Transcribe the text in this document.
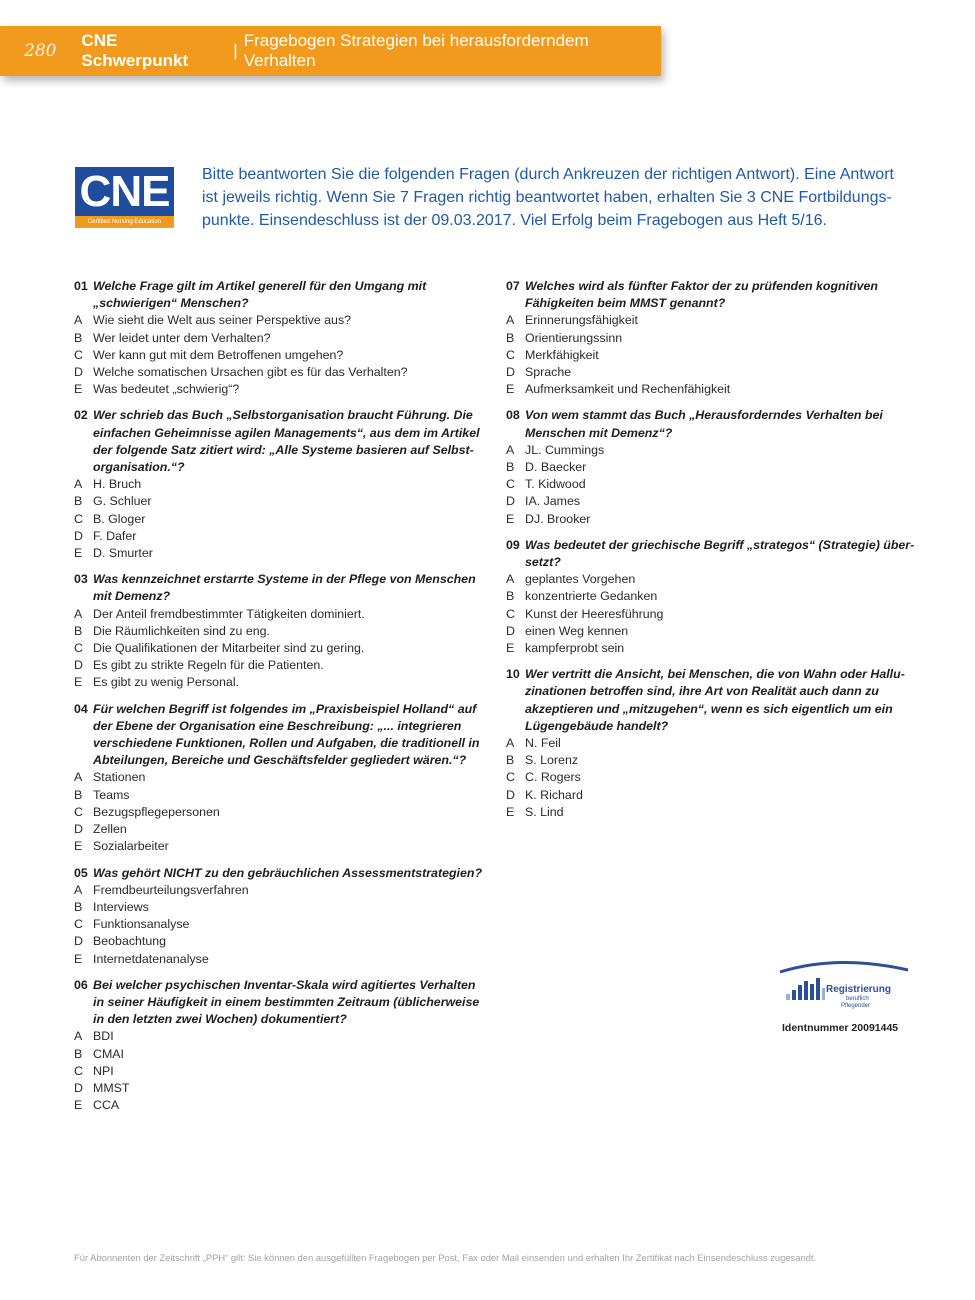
280
CNE Schwerpunkt
|
Fragebogen Strategien bei herausforderndem Verhalten
CNE
Certified Nursing Education
Bitte beantworten Sie die folgenden Fragen (durch Ankreuzen der richtigen Antwort). Eine Antwort ist jeweils richtig. Wenn Sie 7 Fragen richtig beantwortet haben, erhalten Sie 3 CNE Fortbildungspunkte. Einsendeschluss ist der 09.03.2017. Viel Erfolg beim Fragebogen aus Heft 5/16.
01 Welche Frage gilt im Artikel generell für den Umgang mit „schwierigen“ Menschen?
A Wie sieht die Welt aus seiner Perspektive aus?
B Wer leidet unter dem Verhalten?
C Wer kann gut mit dem Betroffenen umgehen?
D Welche somatischen Ursachen gibt es für das Verhalten?
E Was bedeutet „schwierig“?
02 Wer schrieb das Buch „Selbstorganisation braucht Führung. Die einfachen Geheimnisse agilen Managements“, aus dem im Artikel der folgende Satz zitiert wird: „Alle Systeme basieren auf Selbstorganisation.“?
A H. Bruch
B G. Schluer
C B. Gloger
D F. Dafer
E D. Smurter
03 Was kennzeichnet erstarrte Systeme in der Pflege von Menschen mit Demenz?
A Der Anteil fremdbestimmter Tätigkeiten dominiert.
B Die Räumlichkeiten sind zu eng.
C Die Qualifikationen der Mitarbeiter sind zu gering.
D Es gibt zu strikte Regeln für die Patienten.
E Es gibt zu wenig Personal.
04 Für welchen Begriff ist folgendes im „Praxisbeispiel Holland“ auf der Ebene der Organisation eine Beschreibung: „... integrieren verschiedene Funktionen, Rollen und Aufgaben, die traditionell in Abteilungen, Bereiche und Geschäftsfelder gegliedert wären.“?
A Stationen
B Teams
C Bezugspflegepersonen
D Zellen
E Sozialarbeiter
05 Was gehört NICHT zu den gebräuchlichen Assessmentstrategien?
A Fremdbeurteilungsverfahren
B Interviews
C Funktionsanalyse
D Beobachtung
E Internetdatenanalyse
06 Bei welcher psychischen Inventar-Skala wird agitiertes Verhalten in seiner Häufigkeit in einem bestimmten Zeitraum (üblicherweise in den letzten zwei Wochen) dokumentiert?
A BDI
B CMAI
C NPI
D MMST
E CCA
07 Welches wird als fünfter Faktor der zu prüfenden kognitiven Fähigkeiten beim MMST genannt?
A Erinnerungsfähigkeit
B Orientierungssinn
C Merkfähigkeit
D Sprache
E Aufmerksamkeit und Rechenfähigkeit
08 Von wem stammt das Buch „Herausforderndes Verhalten bei Menschen mit Demenz“?
A JL. Cummings
B D. Baecker
C T. Kidwood
D IA. James
E DJ. Brooker
09 Was bedeutet der griechische Begriff „strategos“ (Strategie) übersetzt?
A geplantes Vorgehen
B konzentrierte Gedanken
C Kunst der Heeresführung
D einen Weg kennen
E kampferprobt sein
10 Wer vertritt die Ansicht, bei Menschen, die von Wahn oder Halluzinationen betroffen sind, ihre Art von Realität auch dann zu akzeptieren und „mitzugehen“, wenn es sich eigentlich um ein Lügengebäude handelt?
A N. Feil
B S. Lorenz
C C. Rogers
D K. Richard
E S. Lind
Registrierung
beruflich
Pflegender
Identnummer 20091445
Für Abonnenten der Zeitschrift „PPH“ gilt: Sie können den ausgefüllten Fragebogen per Post, Fax oder Mail einsenden und erhalten Ihr Zertifikat nach Einsendeschluss zugesandt.
